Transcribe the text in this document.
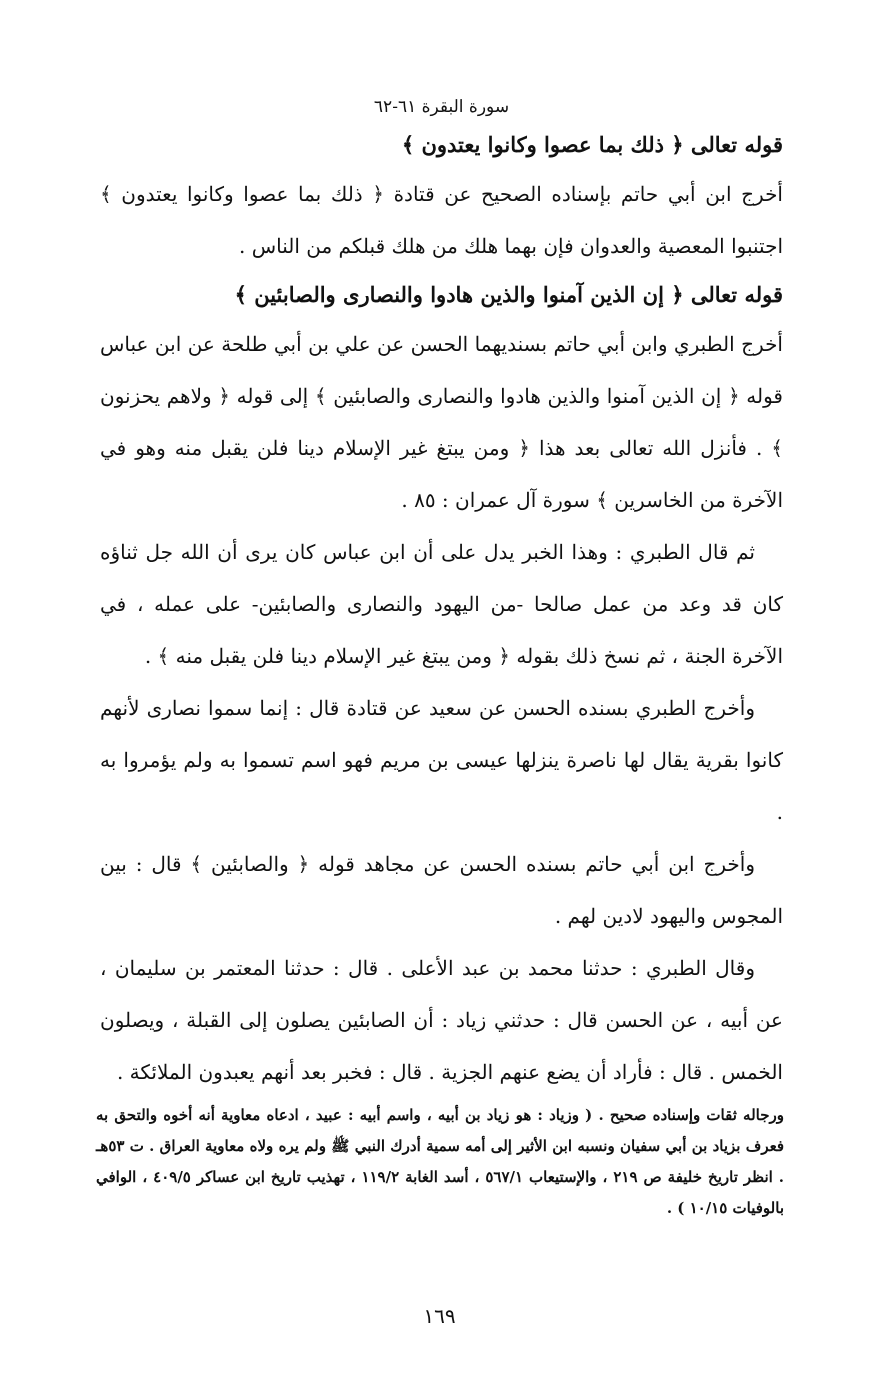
سورة البقرة ٦١-٦٢

قوله تعالى ﴿ ذلك بما عصوا وكانوا يعتدون ﴾

أخرج ابن أبي حاتم بإسناده الصحيح عن قتادة ﴿ ذلك بما عصوا وكانوا يعتدون ﴾ اجتنبوا المعصية والعدوان فإن بهما هلك من هلك قبلكم من الناس .

قوله تعالى ﴿ إن الذين آمنوا والذين هادوا والنصارى والصابئين ﴾

أخرج الطبري وابن أبي حاتم بسنديهما الحسن عن علي بن أبي طلحة عن ابن عباس قوله ﴿ إن الذين آمنوا والذين هادوا والنصارى والصابئين ﴾ إلى قوله ﴿ ولاهم يحزنون ﴾ . فأنزل الله تعالى بعد هذا ﴿ ومن يبتغ غير الإسلام دينا فلن يقبل منه وهو في الآخرة من الخاسرين ﴾ سورة آل عمران : ٨٥ .

ثم قال الطبري : وهذا الخبر يدل على أن ابن عباس كان يرى أن الله جل ثناؤه كان قد وعد من عمل صالحا -من اليهود والنصارى والصابئين- على عمله ، في الآخرة الجنة ، ثم نسخ ذلك بقوله ﴿ ومن يبتغ غير الإسلام دينا فلن يقبل منه ﴾ .

وأخرج الطبري بسنده الحسن عن سعيد عن قتادة قال : إنما سموا نصارى لأنهم كانوا بقرية يقال لها ناصرة ينزلها عيسى بن مريم فهو اسم تسموا به ولم يؤمروا به .

وأخرج ابن أبي حاتم بسنده الحسن عن مجاهد قوله ﴿ والصابئين ﴾ قال : بين المجوس واليهود لادين لهم .

وقال الطبري : حدثنا محمد بن عبد الأعلى . قال : حدثنا المعتمر بن سليمان ، عن أبيه ، عن الحسن قال : حدثني زياد : أن الصابئين يصلون إلى القبلة ، ويصلون الخمس . قال : فأراد أن يضع عنهم الجزية . قال : فخبر بعد أنهم يعبدون الملائكة .

ورجاله ثقات وإسناده صحيح . ( وزياد : هو زياد بن أبيه ، واسم أبيه : عبيد ، ادعاه معاوية أنه أخوه والتحق به فعرف بزياد بن أبي سفيان ونسبه ابن الأثير إلى أمه سمية أدرك النبي ﷺ ولم يره ولاه معاوية العراق . ت ٥٣هـ . انظر تاريخ خليفة ص ٢١٩ ، والإستيعاب ٥٦٧/١ ، أسد الغابة ١١٩/٢ ، تهذيب تاريخ ابن عساكر ٤٠٩/٥ ، الوافي بالوفيات ١٠/١٥ ) .
١٦٩
